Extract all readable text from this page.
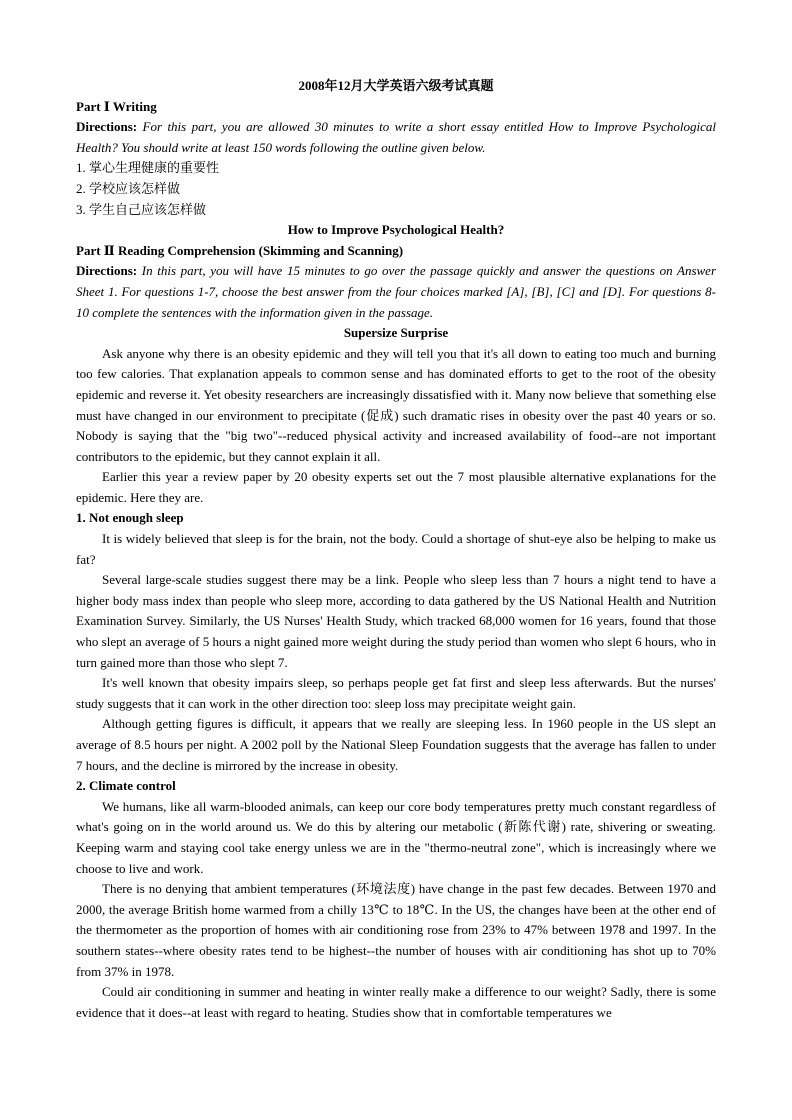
2008年12月大学英语六级考试真题

Part Ⅰ Writing

Directions: For this part, you are allowed 30 minutes to write a short essay entitled How to Improve Psychological Health? You should write at least 150 words following the outline given below.

1. 掌心生理健康的重要性

2. 学校应该怎样做

3. 学生自己应该怎样做

How to Improve Psychological Health?

Part Ⅱ Reading Comprehension (Skimming and Scanning)

Directions: In this part, you will have 15 minutes to go over the passage quickly and answer the questions on Answer Sheet 1. For questions 1-7, choose the best answer from the four choices marked [A], [B], [C] and [D]. For questions 8-10 complete the sentences with the information given in the passage.

Supersize Surprise

Ask anyone why there is an obesity epidemic and they will tell you that it's all down to eating too much and burning too few calories. That explanation appeals to common sense and has dominated efforts to get to the root of the obesity epidemic and reverse it. Yet obesity researchers are increasingly dissatisfied with it. Many now believe that something else must have changed in our environment to precipitate (促成) such dramatic rises in obesity over the past 40 years or so. Nobody is saying that the "big two"--reduced physical activity and increased availability of food--are not important contributors to the epidemic, but they cannot explain it all.

Earlier this year a review paper by 20 obesity experts set out the 7 most plausible alternative explanations for the epidemic. Here they are.

1. Not enough sleep

It is widely believed that sleep is for the brain, not the body. Could a shortage of shut-eye also be helping to make us fat?

Several large-scale studies suggest there may be a link. People who sleep less than 7 hours a night tend to have a higher body mass index than people who sleep more, according to data gathered by the US National Health and Nutrition Examination Survey. Similarly, the US Nurses' Health Study, which tracked 68,000 women for 16 years, found that those who slept an average of 5 hours a night gained more weight during the study period than women who slept 6 hours, who in turn gained more than those who slept 7.

It's well known that obesity impairs sleep, so perhaps people get fat first and sleep less afterwards. But the nurses' study suggests that it can work in the other direction too: sleep loss may precipitate weight gain.

Although getting figures is difficult, it appears that we really are sleeping less. In 1960 people in the US slept an average of 8.5 hours per night. A 2002 poll by the National Sleep Foundation suggests that the average has fallen to under 7 hours, and the decline is mirrored by the increase in obesity.

2. Climate control

We humans, like all warm-blooded animals, can keep our core body temperatures pretty much constant regardless of what's going on in the world around us. We do this by altering our metabolic (新陈代谢) rate, shivering or sweating. Keeping warm and staying cool take energy unless we are in the "thermo-neutral zone", which is increasingly where we choose to live and work.

There is no denying that ambient temperatures (环境法度) have change in the past few decades. Between 1970 and 2000, the average British home warmed from a chilly 13℃ to 18℃. In the US, the changes have been at the other end of the thermometer as the proportion of homes with air conditioning rose from 23% to 47% between 1978 and 1997. In the southern states--where obesity rates tend to be highest--the number of houses with air conditioning has shot up to 70% from 37% in 1978.

Could air conditioning in summer and heating in winter really make a difference to our weight? Sadly, there is some evidence that it does--at least with regard to heating. Studies show that in comfortable temperatures we
